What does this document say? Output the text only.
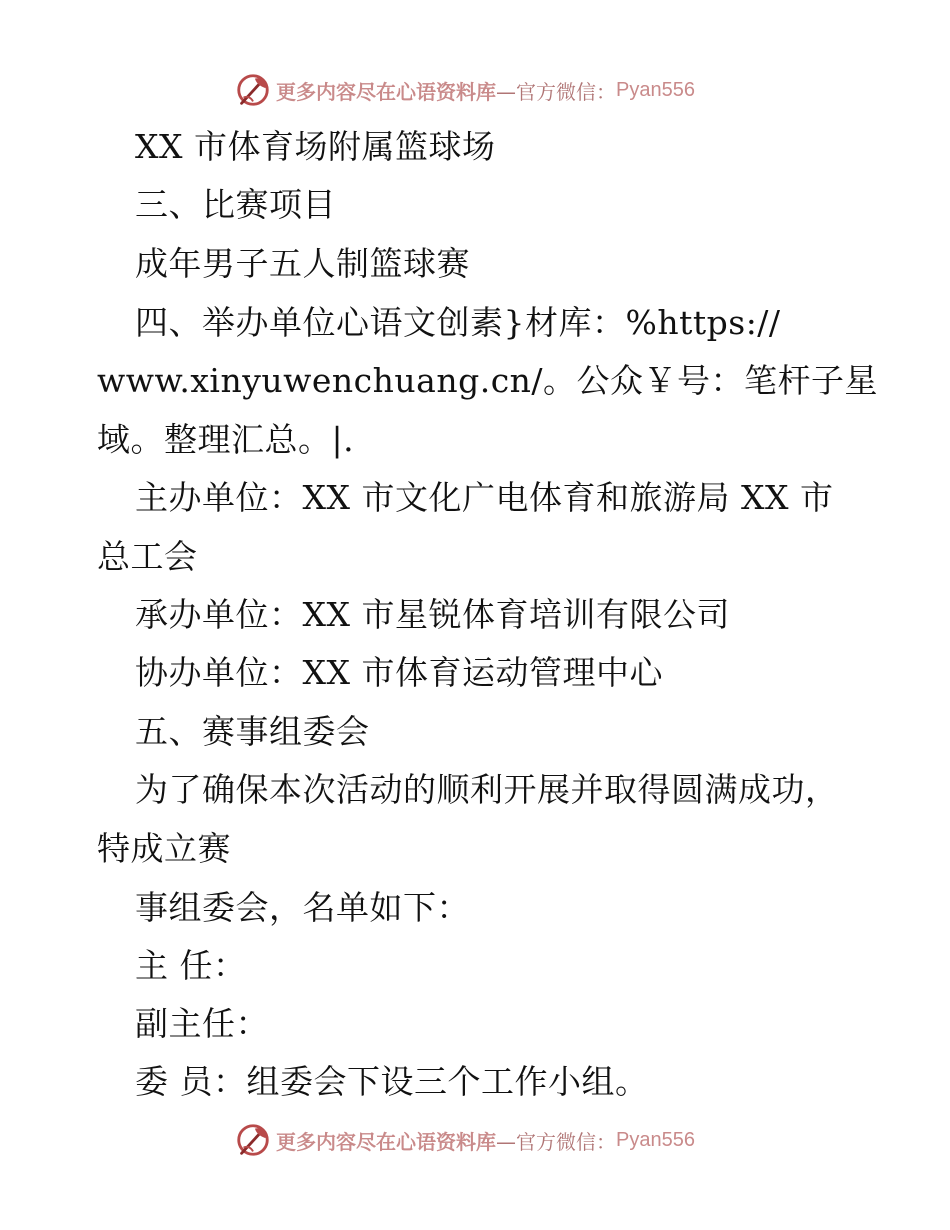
更多内容尽在心语资料库 —官方微信： Pyan556
XX 市体育场附属篮球场
三、比赛项目
成年男子五人制篮球赛
四、举办单位心语文创素}材库：%https://
www.xinyuwenchuang.cn/。公众￥号：笔杆子星
域。整理汇总。|.
主办单位：XX 市文化广电体育和旅游局 XX 市
总工会
承办单位：XX 市星锐体育培训有限公司
协办单位：XX 市体育运动管理中心
五、赛事组委会
为了确保本次活动的顺利开展并取得圆满成功，
特成立赛
事组委会，名单如下：
主 任：
副主任：
委 员：组委会下设三个工作小组。
更多内容尽在心语资料库 —官方微信： Pyan556
